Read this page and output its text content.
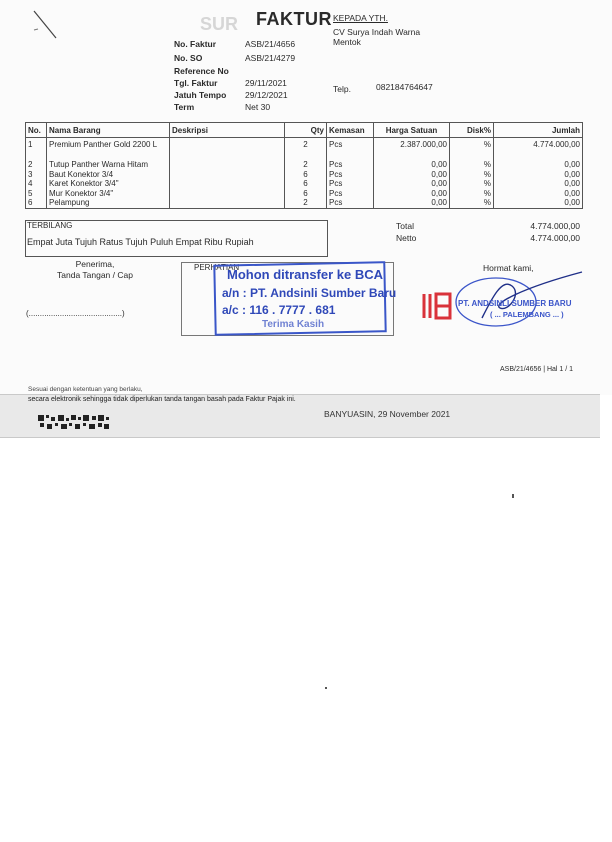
SUR FAKTUR KEPADA YTH.
CV Surya Indah Warna
Mentok
Telp.	082184764647
No. Faktur	ASB/21/4656
No. SO	ASB/21/4279
Reference No
Tgl. Faktur	29/11/2021
Jatuh Tempo 29/12/2021
Term	Net 30
No.	Nama Barang	Deskripsi	Qty	Kemasan	Harga Satuan	Disk%	Jumlah
1	Premium Panther Gold 2200 L		2	Pcs	2.387.000,00	%	4.774.000,00
2	Tutup Panther Warna Hitam		2	Pcs	0,00	%	0,00
3	Baut Konektor 3/4		6	Pcs	0,00	%	0,00
4	Karet Konektor 3/4"		6	Pcs	0,00	%	0,00
5	Mur Konektor 3/4"		6	Pcs	0,00	%	0,00
6	Pelampung		2	Pcs	0,00	%	0,00
TERBILANG
Empat Juta Tujuh Ratus Tujuh Puluh Empat Ribu Rupiah
Total	4.774.000,00
Netto	4.774.000,00
Penerima,
Tanda Tangan / Cap
(..........................................)
PERHATIAN
Mohon ditransfer ke BCA
a/n : PT. Andsinli Sumber Baru
a/c : 116 . 7777 . 681
Terima Kasih
Hormat kami,
PT. ANDSINLI SUMBER BARU
( ... PALEMBANG ... )
ASB/21/4656 | Hal 1 / 1
Sesuai dengan ketentuan yang berlaku,
secara elektronik sehingga tidak diperlukan tanda tangan basah pada Faktur Pajak ini.
BANYUASIN, 29 November 2021
